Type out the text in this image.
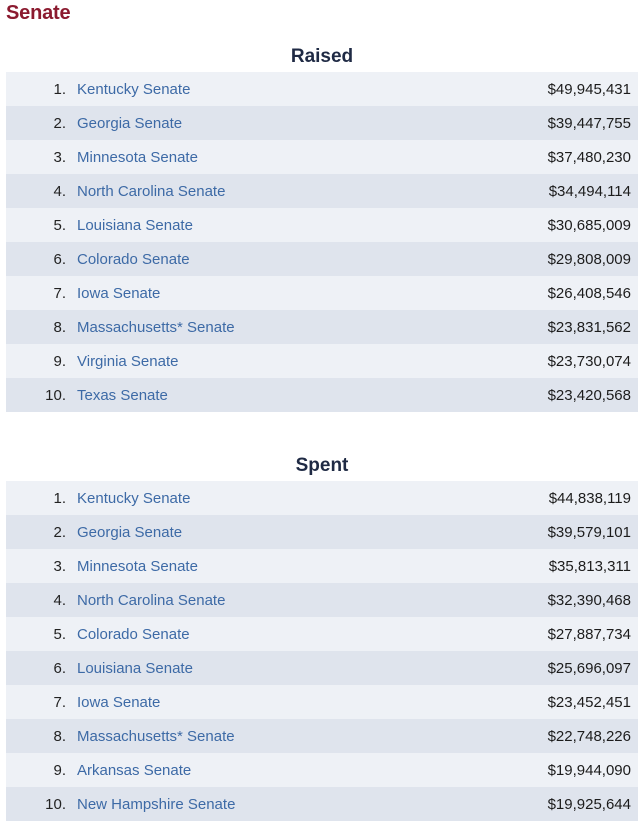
Senate
Raised
1. Kentucky Senate	$49,945,431
2. Georgia Senate	$39,447,755
3. Minnesota Senate	$37,480,230
4. North Carolina Senate	$34,494,114
5. Louisiana Senate	$30,685,009
6. Colorado Senate	$29,808,009
7. Iowa Senate	$26,408,546
8. Massachusetts* Senate	$23,831,562
9. Virginia Senate	$23,730,074
10. Texas Senate	$23,420,568
Spent
1. Kentucky Senate	$44,838,119
2. Georgia Senate	$39,579,101
3. Minnesota Senate	$35,813,311
4. North Carolina Senate	$32,390,468
5. Colorado Senate	$27,887,734
6. Louisiana Senate	$25,696,097
7. Iowa Senate	$23,452,451
8. Massachusetts* Senate	$22,748,226
9. Arkansas Senate	$19,944,090
10. New Hampshire Senate	$19,925,644
